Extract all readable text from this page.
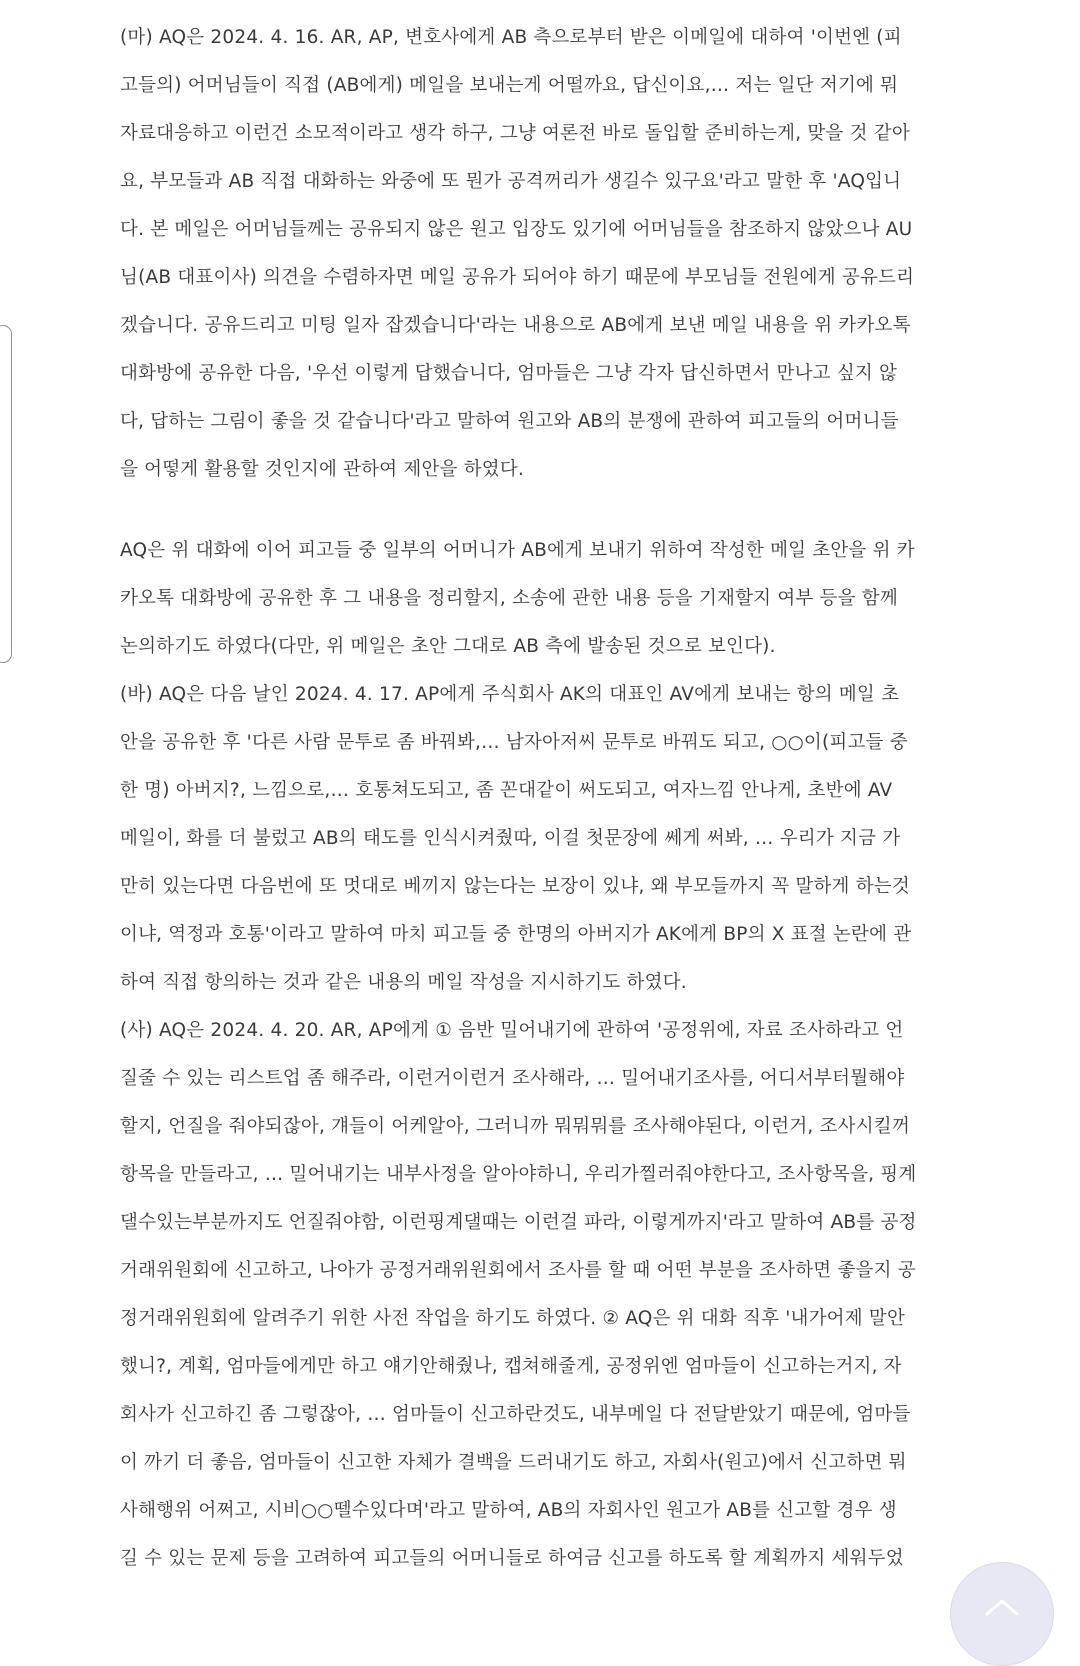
(마) AQ은 2024. 4. 16. AR, AP, 변호사에게 AB 측으로부터 받은 이메일에 대하여 '이번엔 (피
고들의) 어머님들이 직접 (AB에게) 메일을 보내는게 어떨까요, 답신이요,… 저는 일단 저기에 뭐
자료대응하고 이런건 소모적이라고 생각 하구, 그냥 여론전 바로 돌입할 준비하는게, 맞을 것 같아
요, 부모들과 AB 직접 대화하는 와중에 또 뭔가 공격꺼리가 생길수 있구요'라고 말한 후 'AQ입니
다. 본 메일은 어머님들께는 공유되지 않은 원고 입장도 있기에 어머님들을 참조하지 않았으나 AU
님(AB 대표이사) 의견을 수렴하자면 메일 공유가 되어야 하기 때문에 부모님들 전원에게 공유드리
겠습니다. 공유드리고 미팅 일자 잡겠습니다'라는 내용으로 AB에게 보낸 메일 내용을 위 카카오톡
대화방에 공유한 다음, '우선 이렇게 답했습니다, 엄마들은 그냥 각자 답신하면서 만나고 싶지 않
다, 답하는 그림이 좋을 것 같습니다'라고 말하여 원고와 AB의 분쟁에 관하여 피고들의 어머니들
을 어떻게 활용할 것인지에 관하여 제안을 하였다.
AQ은 위 대화에 이어 피고들 중 일부의 어머니가 AB에게 보내기 위하여 작성한 메일 초안을 위 카
카오톡 대화방에 공유한 후 그 내용을 정리할지, 소송에 관한 내용 등을 기재할지 여부 등을 함께
논의하기도 하였다(다만, 위 메일은 초안 그대로 AB 측에 발송된 것으로 보인다).
(바) AQ은 다음 날인 2024. 4. 17. AP에게 주식회사 AK의 대표인 AV에게 보내는 항의 메일 초
안을 공유한 후 '다른 사람 문투로 좀 바꿔봐,… 남자아저씨 문투로 바꿔도 되고, ○○이(피고들 중
한 명) 아버지?, 느낌으로,… 호통쳐도되고, 좀 꼰대같이 써도되고, 여자느낌 안나게, 초반에 AV
메일이, 화를 더 불렀고 AB의 태도를 인식시켜줬따, 이걸 첫문장에 쎄게 써봐, … 우리가 지금 가
만히 있는다면 다음번에 또 멋대로 베끼지 않는다는 보장이 있냐, 왜 부모들까지 꼭 말하게 하는것
이냐, 역정과 호통'이라고 말하여 마치 피고들 중 한명의 아버지가 AK에게 BP의 X 표절 논란에 관
하여 직접 항의하는 것과 같은 내용의 메일 작성을 지시하기도 하였다.
(사) AQ은 2024. 4. 20. AR, AP에게 ① 음반 밀어내기에 관하여 '공정위에, 자료 조사하라고 언
질줄 수 있는 리스트업 좀 해주라, 이런거이런거 조사해라, … 밀어내기조사를, 어디서부터뭘해야
할지, 언질을 줘야되잖아, 걔들이 어케알아, 그러니까 뭐뭐뭐를 조사해야된다, 이런거, 조사시킬꺼
항목을 만들라고, … 밀어내기는 내부사정을 알아야하니, 우리가찔러줘야한다고, 조사항목을, 핑계
댈수있는부분까지도 언질줘야함, 이런핑계댈때는 이런걸 파라, 이렇게까지'라고 말하여 AB를 공정
거래위원회에 신고하고, 나아가 공정거래위원회에서 조사를 할 때 어떤 부분을 조사하면 좋을지 공
정거래위원회에 알려주기 위한 사전 작업을 하기도 하였다. ② AQ은 위 대화 직후 '내가어제 말안
했니?, 계획, 엄마들에게만 하고 얘기안해줬나, 캡쳐해줄게, 공정위엔 엄마들이 신고하는거지, 자
회사가 신고하긴 좀 그렇잖아, … 엄마들이 신고하란것도, 내부메일 다 전달받았기 때문에, 엄마들
이 까기 더 좋음, 엄마들이 신고한 자체가 결백을 드러내기도 하고, 자회사(원고)에서 신고하면 뭐
사해행위 어쩌고, 시비○○뗄수있다며'라고 말하여, AB의 자회사인 원고가 AB를 신고할 경우 생
길 수 있는 문제 등을 고려하여 피고들의 어머니들로 하여금 신고를 하도록 할 계획까지 세워두었
